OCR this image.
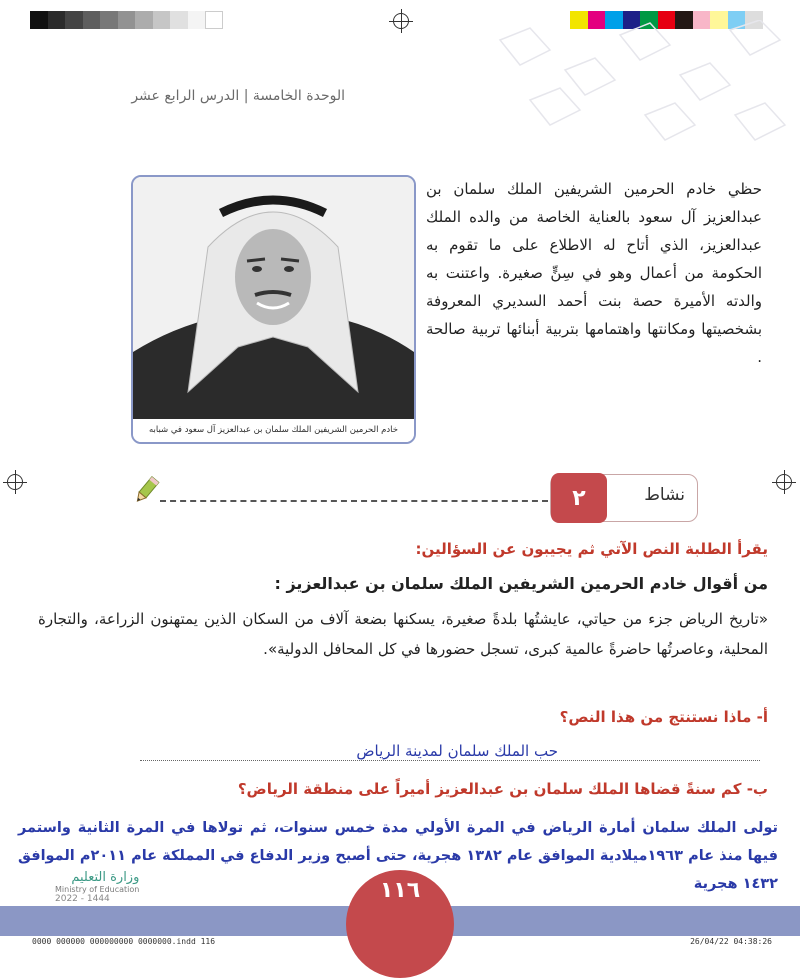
الوحدة الخامسة | الدرس الرابع عشر
خادم الحرمين الشريفين الملك سلمان بن عبدالعزيز آل سعود في شبابه
حظي خادم الحرمين الشريفين الملك سلمان بن عبدالعزيز آل سعود بالعناية الخاصة من والده الملك عبدالعزيز، الذي أتاح له الاطلاع على ما تقوم به الحكومة من أعمال وهو في سِنٍّ صغيرة. واعتنت به والدته الأميرة حصة بنت أحمد السديري المعروفة بشخصيتها ومكانتها واهتمامها بتربية أبنائها تربية صالحة .
نشاط
٢
يقرأ الطلبة النص الآتي ثم يجيبون عن السؤالين:
من أقوال خادم الحرمين الشريفين الملك سلمان بن عبدالعزيز :
«تاريخ الرياض جزء من حياتي، عايشتُها بلدةً صغيرة، يسكنها بضعة آلاف من السكان الذين يمتهنون الزراعة، والتجارة المحلية، وعاصرتُها حاضرةً عالمية كبرى، تسجل حضورها في كل المحافل الدولية».
أ- ماذا نستنتج من هذا النص؟
حب الملك سلمان لمدينة الرياض
ب- كم سنةً قضاها الملك سلمان بن عبدالعزيز أميراً على منطقة الرياض؟
تولى الملك سلمان أمارة الرياض في المرة الأولي مدة خمس سنوات، ثم تولاها في المرة الثانية واستمر فيها منذ عام ١٩٦٣ميلادية الموافق عام ١٣٨٢ هجرية، حتى أصبح وزير الدفاع في المملكة عام ٢٠١١م الموافق ١٤٣٢ هجرية
١١٦
وزارة التعليم
Ministry of Education
2022 - 1444
0000 000000 000000000 0000000.indd 116	26/04/22 04:38:26
